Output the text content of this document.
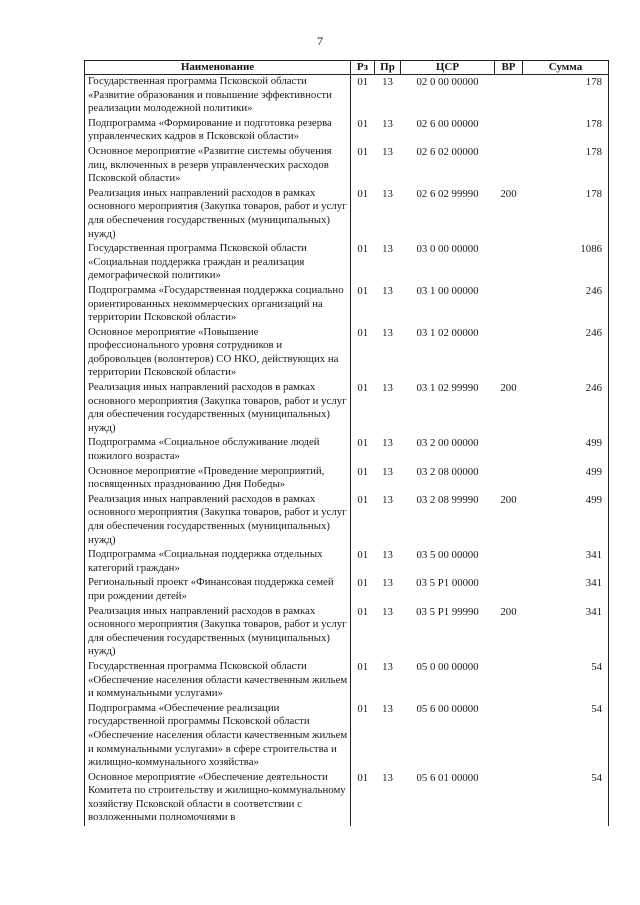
7
Наименование	Рз	Пр	ЦСР	ВР	Сумма
Государственная программа Псковской области «Развитие образования и повышение эффективности реализации молодежной политики»	01	13	02 0 00 00000		178
Подпрограмма «Формирование и подготовка резерва управленческих кадров в Псковской области»	01	13	02 6 00 00000		178
Основное мероприятие «Развитие системы обучения лиц, включенных в резерв управленческих расходов Псковской области»	01	13	02 6 02 00000		178
Реализация иных направлений расходов в рамках основного мероприятия (Закупка товаров, работ и услуг для обеспечения государственных (муниципальных) нужд)	01	13	02 6 02 99990	200	178
Государственная программа Псковской области «Социальная поддержка граждан и реализация демографической политики»	01	13	03 0 00 00000		1086
Подпрограмма «Государственная поддержка социально ориентированных некоммерческих организаций на территории Псковской области»	01	13	03 1 00 00000		246
Основное мероприятие «Повышение профессионального уровня сотрудников и добровольцев (волонтеров) СО НКО, действующих на территории Псковской области»	01	13	03 1 02 00000		246
Реализация иных направлений расходов в рамках основного мероприятия (Закупка товаров, работ и услуг для обеспечения государственных (муниципальных) нужд)	01	13	03 1 02 99990	200	246
Подпрограмма «Социальное обслуживание людей пожилого возраста»	01	13	03 2 00 00000		499
Основное мероприятие «Проведение мероприятий, посвященных празднованию Дня Победы»	01	13	03 2 08 00000		499
Реализация иных направлений расходов в рамках основного мероприятия (Закупка товаров, работ и услуг для обеспечения государственных (муниципальных) нужд)	01	13	03 2 08 99990	200	499
Подпрограмма «Социальная поддержка отдельных категорий граждан»	01	13	03 5 00 00000		341
Региональный проект «Финансовая поддержка семей при рождении детей»	01	13	03 5 P1 00000		341
Реализация иных направлений расходов в рамках основного мероприятия (Закупка товаров, работ и услуг для обеспечения государственных (муниципальных) нужд)	01	13	03 5 P1 99990	200	341
Государственная программа Псковской области «Обеспечение населения области качественным жильем и коммунальными услугами»	01	13	05 0 00 00000		54
Подпрограмма «Обеспечение реализации государственной программы Псковской области «Обеспечение населения области качественным жильем и коммунальными услугами» в сфере строительства и жилищно-коммунального хозяйства»	01	13	05 6 00 00000		54
Основное мероприятие «Обеспечение деятельности Комитета по строительству и жилищно-коммунальному хозяйству Псковской области в соответствии с возложенными полномочиями в	01	13	05 6 01 00000		54
